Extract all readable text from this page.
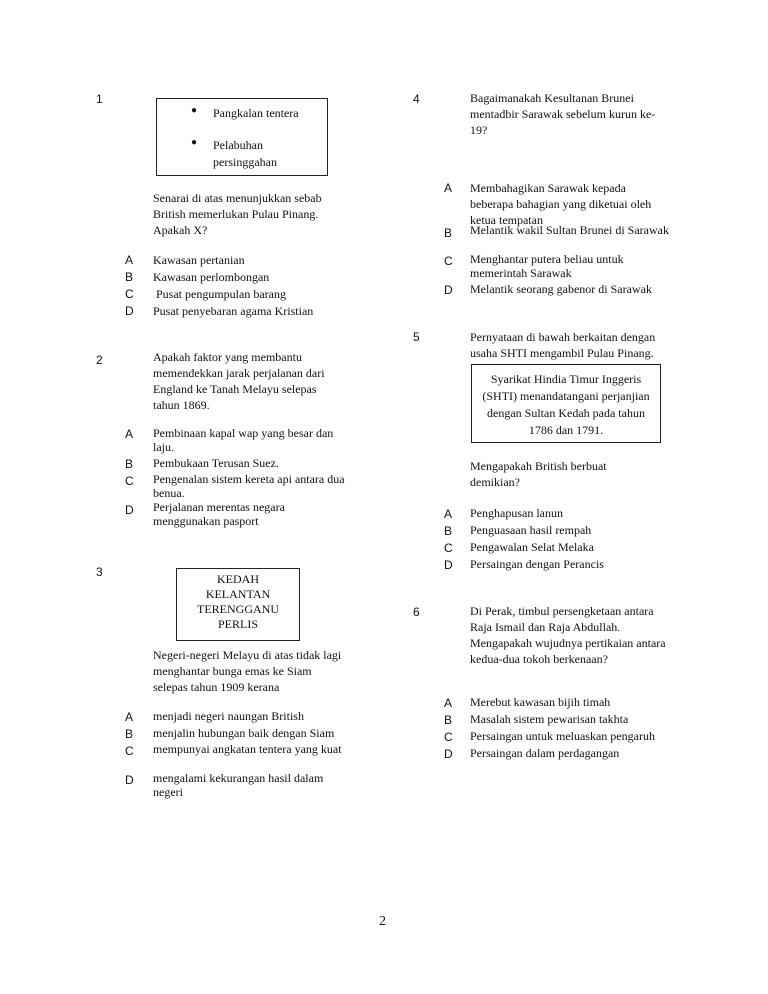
1
● Pangkalan tentera
● Pelabuhan persinggahan
Senarai di atas menunjukkan sebab British memerlukan Pulau Pinang. Apakah X?
A Kawasan pertanian
B Kawasan perlombongan
C Pusat pengumpulan barang
D Pusat penyebaran agama Kristian
2	Apakah faktor yang membantu memendekkan jarak perjalanan dari England ke Tanah Melayu selepas tahun 1869.
A Pembinaan kapal wap yang besar dan laju.
B Pembukaan Terusan Suez.
C Pengenalan sistem kereta api antara dua benua.
D Perjalanan merentas negara menggunakan pasport
3	KEDAH
KELANTAN
TERENGGANU
PERLIS
Negeri-negeri Melayu di atas tidak lagi menghantar bunga emas ke Siam selepas tahun 1909 kerana
A menjadi negeri naungan British
B menjalin hubungan baik dengan Siam
C mempunyai angkatan tentera yang kuat
D mengalami kekurangan hasil dalam negeri
4	Bagaimanakah Kesultanan Brunei mentadbir Sarawak sebelum kurun ke-19?
A Membahagikan Sarawak kepada beberapa bahagian yang diketuai oleh ketua tempatan
B Melantik wakil Sultan Brunei di Sarawak
C Menghantar putera beliau untuk memerintah Sarawak
D Melantik seorang gabenor di Sarawak
5	Pernyataan di bawah berkaitan dengan usaha SHTI mengambil Pulau Pinang.
Syarikat Hindia Timur Inggeris (SHTI) menandatangani perjanjian dengan Sultan Kedah pada tahun 1786 dan 1791.
Mengapakah British berbuat demikian?
A Penghapusan lanun
B Penguasaan hasil rempah
C Pengawalan Selat Melaka
D Persaingan dengan Perancis
6	Di Perak, timbul persengketaan antara Raja Ismail dan Raja Abdullah. Mengapakah wujudnya pertikaian antara kedua-dua tokoh berkenaan?
A Merebut kawasan bijih timah
B Masalah sistem pewarisan takhta
C Persaingan untuk meluaskan pengaruh
D Persaingan dalam perdagangan
2
